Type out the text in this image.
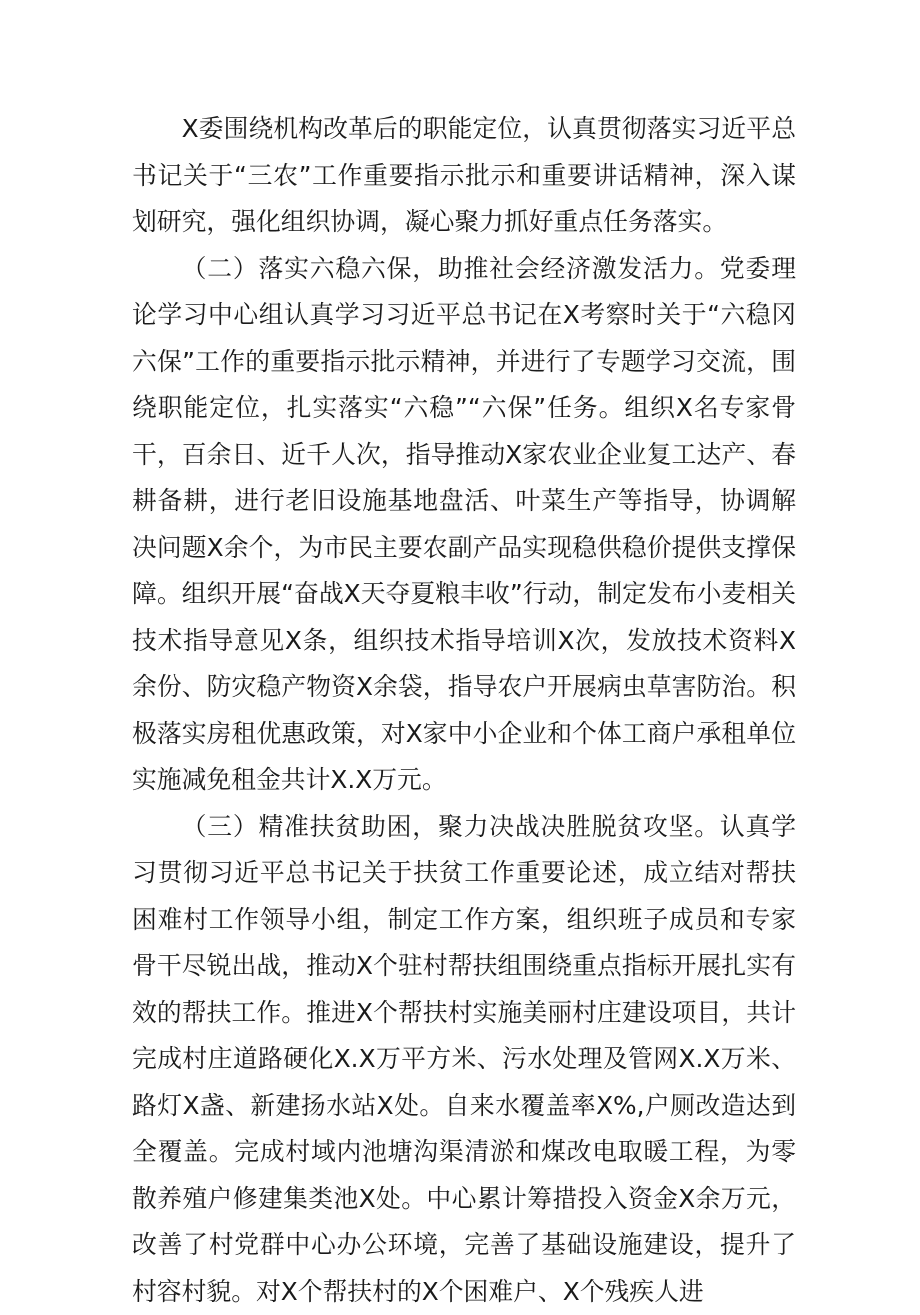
X委围绕机构改革后的职能定位，认真贯彻落实习近平总书记关于“三农”工作重要指示批示和重要讲话精神，深入谋划研究，强化组织协调，凝心聚力抓好重点任务落实。

（二）落实六稳六保，助推社会经济激发活力。党委理论学习中心组认真学习习近平总书记在X考察时关于“六稳冈六保”工作的重要指示批示精神，并进行了专题学习交流，围绕职能定位，扎实落实“六稳”“六保”任务。组织X名专家骨干，百余日、近千人次，指导推动X家农业企业复工达产、春耕备耕，进行老旧设施基地盘活、叶菜生产等指导，协调解决问题X余个，为市民主要农副产品实现稳供稳价提供支撑保障。组织开展“奋战X天夺夏粮丰收”行动，制定发布小麦相关技术指导意见X条，组织技术指导培训X次，发放技术资料X余份、防灾稳产物资X余袋，指导农户开展病虫草害防治。积极落实房租优惠政策，对X家中小企业和个体工商户承租单位实施减免租金共计X.X万元。

（三）精准扶贫助困，聚力决战决胜脱贫攻坚。认真学习贯彻习近平总书记关于扶贫工作重要论述，成立结对帮扶困难村工作领导小组，制定工作方案，组织班子成员和专家骨干尽锐出战，推动X个驻村帮扶组围绕重点指标开展扎实有效的帮扶工作。推进X个帮扶村实施美丽村庄建设项目，共计完成村庄道路硬化X.X万平方米、污水处理及管网X.X万米、路灯X盏、新建扬水站X处。自来水覆盖率X%,户厕改造达到全覆盖。完成村域内池塘沟渠清淤和煤改电取暖工程，为零散养殖户修建集类池X处。中心累计筹措投入资金X余万元，改善了村党群中心办公环境，完善了基础设施建设，提升了村容村貌。对X个帮扶村的X个困难户、X个残疾人进
